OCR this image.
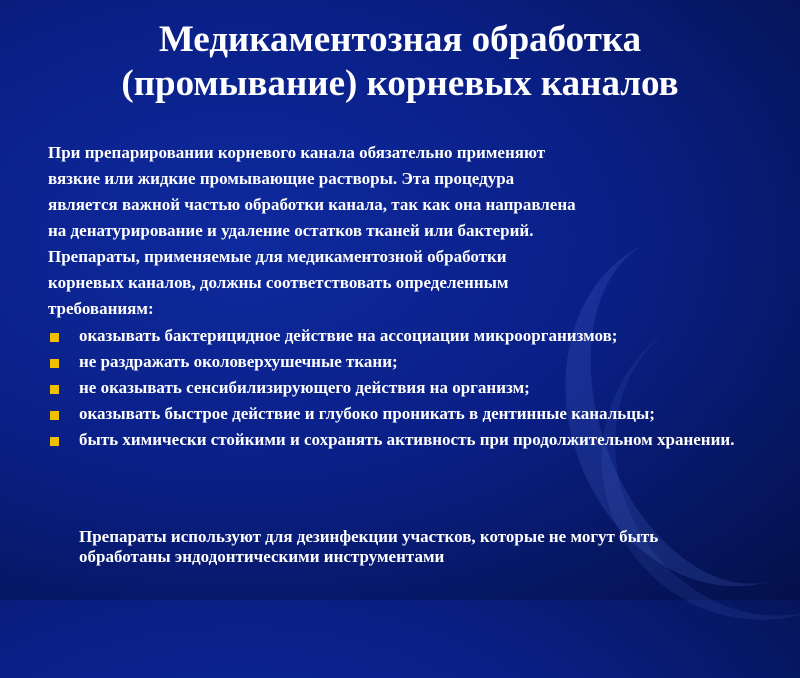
Медикаментозная обработка
(промывание) корневых каналов

При препарировании корневого канала обязательно применяют
вязкие или жидкие промывающие растворы. Эта процедура
является важной частью обработки канала, так как она направлена
на денатурирование и удаление остатков тканей или бактерий.
Препараты, применяемые для медикаментозной обработки
корневых каналов, должны соответствовать определенным
требованиям:

оказывать бактерицидное действие на ассоциации микроорганизмов;
не раздражать околоверхушечные ткани;
не оказывать сенсибилизирующего действия на организм;
оказывать быстрое действие и глубоко проникать в дентинные канальцы;
быть химически стойкими и сохранять активность при продолжительном хранении.

Препараты используют для дезинфекции участков, которые не могут быть обработаны эндодонтическими инструментами
